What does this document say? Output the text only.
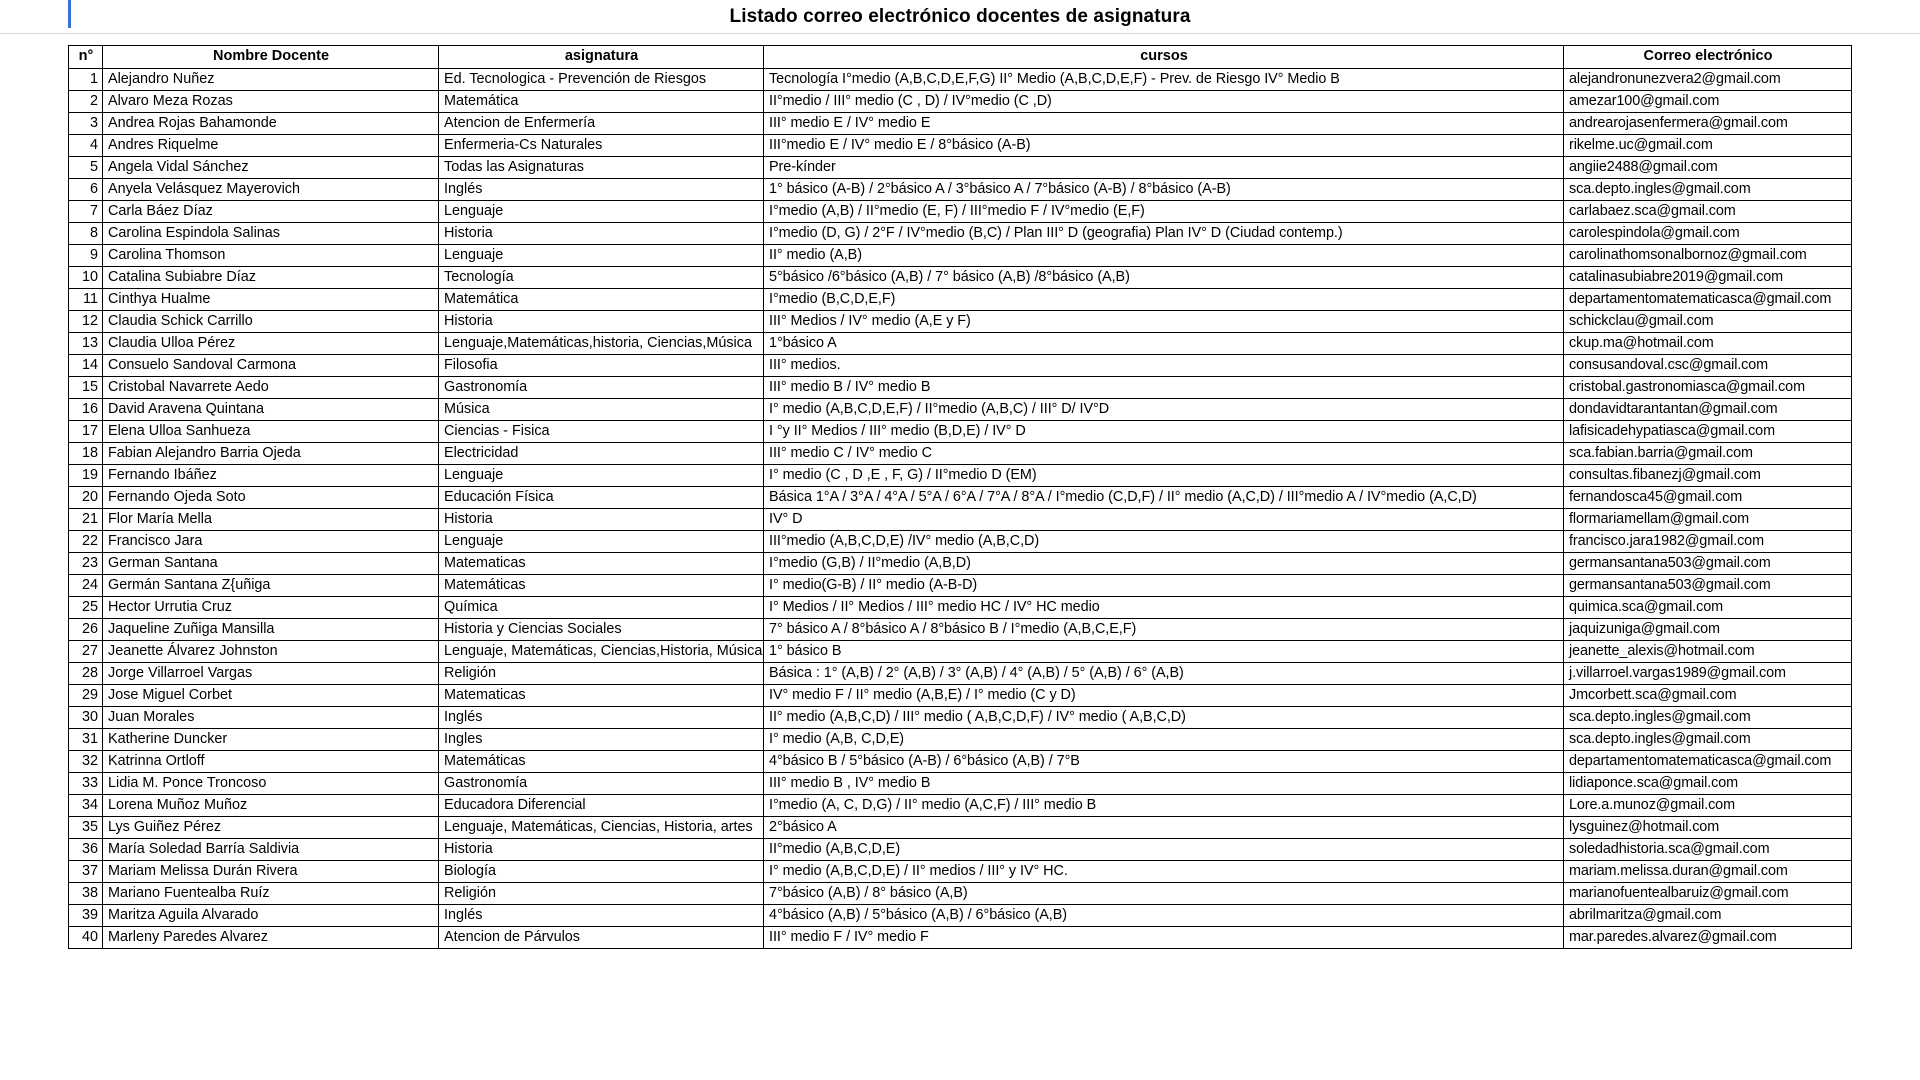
Listado correo electrónico docentes de asignatura
n°	Nombre Docente	asignatura	cursos	Correo electrónico
1	Alejandro Nuñez	Ed. Tecnologica - Prevención de Riesgos	Tecnología I°medio (A,B,C,D,E,F,G) II° Medio (A,B,C,D,E,F) - Prev. de Riesgo IV° Medio B	alejandronunezvera2@gmail.com
2	Alvaro Meza Rozas	Matemática	II°medio / III° medio (C , D) / IV°medio (C ,D)	amezar100@gmail.com
3	Andrea Rojas Bahamonde	Atencion de Enfermería	III° medio E / IV° medio E	andrearojasenfermera@gmail.com
4	Andres Riquelme	Enfermeria-Cs Naturales	III°medio E / IV° medio E / 8°básico (A-B)	rikelme.uc@gmail.com
5	Angela Vidal Sánchez	Todas las Asignaturas	Pre-kínder	angiie2488@gmail.com
6	Anyela Velásquez Mayerovich	Inglés	1° básico (A-B) / 2°básico A / 3°básico A / 7°básico (A-B) / 8°básico (A-B)	sca.depto.ingles@gmail.com
7	Carla Báez Díaz	Lenguaje	I°medio (A,B) / II°medio (E, F) / III°medio F / IV°medio (E,F)	carlabaez.sca@gmail.com
8	Carolina Espindola Salinas	Historia	I°medio (D, G) / 2°F / IV°medio (B,C) / Plan III° D (geografia) Plan IV° D (Ciudad contemp.)	carolespindola@gmail.com
9	Carolina Thomson	Lenguaje	II° medio (A,B)	carolinathomsonalbornoz@gmail.com
10	Catalina Subiabre Díaz	Tecnología	5°básico /6°básico (A,B) / 7° básico (A,B) /8°básico (A,B)	catalinasubiabre2019@gmail.com
11	Cinthya Hualme	Matemática	I°medio (B,C,D,E,F)	departamentomatematicasca@gmail.com
12	Claudia Schick Carrillo	Historia	III° Medios / IV° medio (A,E y F)	schickclau@gmail.com
13	Claudia Ulloa Pérez	Lenguaje,Matemáticas,historia, Ciencias,Música	1°básico A	ckup.ma@hotmail.com
14	Consuelo Sandoval Carmona	Filosofia	III° medios.	consusandoval.csc@gmail.com
15	Cristobal Navarrete Aedo	Gastronomía	III° medio B / IV° medio B	cristobal.gastronomiasca@gmail.com
16	David Aravena Quintana	Música	I° medio (A,B,C,D,E,F) / II°medio (A,B,C) / III° D/ IV°D	dondavidtarantantan@gmail.com
17	Elena Ulloa Sanhueza	Ciencias - Fisica	I °y II° Medios / III° medio (B,D,E) / IV° D	lafisicadehypatiasca@gmail.com
18	Fabian Alejandro Barria Ojeda	Electricidad	III° medio C / IV° medio C	sca.fabian.barria@gmail.com
19	Fernando Ibáñez	Lenguaje	I° medio (C , D ,E , F, G) / II°medio D (EM)	consultas.fibanezj@gmail.com
20	Fernando Ojeda Soto	Educación Física	Básica 1°A / 3°A / 4°A / 5°A / 6°A / 7°A / 8°A / I°medio (C,D,F) / II° medio (A,C,D) / III°medio A / IV°medio (A,C,D)	fernandosca45@gmail.com
21	Flor María Mella	Historia	IV° D	flormariamellam@gmail.com
22	Francisco Jara	Lenguaje	III°medio (A,B,C,D,E) /IV° medio (A,B,C,D)	francisco.jara1982@gmail.com
23	German Santana	Matematicas	I°medio (G,B) / II°medio (A,B,D)	germansantana503@gmail.com
24	Germán Santana Z{uñiga	Matemáticas	I° medio(G-B) / II° medio (A-B-D)	germansantana503@gmail.com
25	Hector Urrutia Cruz	Química	I° Medios / II° Medios / III° medio HC / IV° HC medio	quimica.sca@gmail.com
26	Jaqueline Zuñiga Mansilla	Historia y Ciencias Sociales	7° básico A / 8°básico A / 8°básico B / I°medio (A,B,C,E,F)	jaquizuniga@gmail.com
27	Jeanette Álvarez Johnston	Lenguaje, Matemáticas, Ciencias,Historia, Música	1° básico B	jeanette_alexis@hotmail.com
28	Jorge Villarroel Vargas	Religión	Básica : 1° (A,B) / 2° (A,B) / 3° (A,B) / 4° (A,B) / 5° (A,B) / 6° (A,B)	j.villarroel.vargas1989@gmail.com
29	Jose Miguel Corbet	Matematicas	IV° medio F / II° medio (A,B,E) / I° medio (C y D)	Jmcorbett.sca@gmail.com
30	Juan Morales	Inglés	II° medio (A,B,C,D) / III° medio ( A,B,C,D,F) / IV° medio ( A,B,C,D)	sca.depto.ingles@gmail.com
31	Katherine Duncker	Ingles	I° medio (A,B, C,D,E)	sca.depto.ingles@gmail.com
32	Katrinna Ortloff	Matemáticas	4°básico B / 5°básico (A-B) / 6°básico (A,B) / 7°B	departamentomatematicasca@gmail.com
33	Lidia M. Ponce Troncoso	Gastronomía	III° medio B , IV° medio B	lidiaponce.sca@gmail.com
34	Lorena Muñoz Muñoz	Educadora Diferencial	I°medio (A, C, D,G) / II° medio (A,C,F) / III° medio B	Lore.a.munoz@gmail.com
35	Lys Guiñez Pérez	Lenguaje, Matemáticas, Ciencias, Historia, artes	2°básico A	lysguinez@hotmail.com
36	María Soledad Barría Saldivia	Historia	II°medio (A,B,C,D,E)	soledadhistoria.sca@gmail.com
37	Mariam Melissa Durán Rivera	Biología	I° medio (A,B,C,D,E) / II° medios / III° y IV° HC.	mariam.melissa.duran@gmail.com
38	Mariano Fuentealba Ruíz	Religión	7°básico (A,B) / 8° básico (A,B)	marianofuentealbaruiz@gmail.com
39	Maritza Aguila Alvarado	Inglés	4°básico (A,B) / 5°básico (A,B) / 6°básico (A,B)	abrilmaritza@gmail.com
40	Marleny Paredes Alvarez	Atencion de Párvulos	III° medio F / IV° medio F	mar.paredes.alvarez@gmail.com
